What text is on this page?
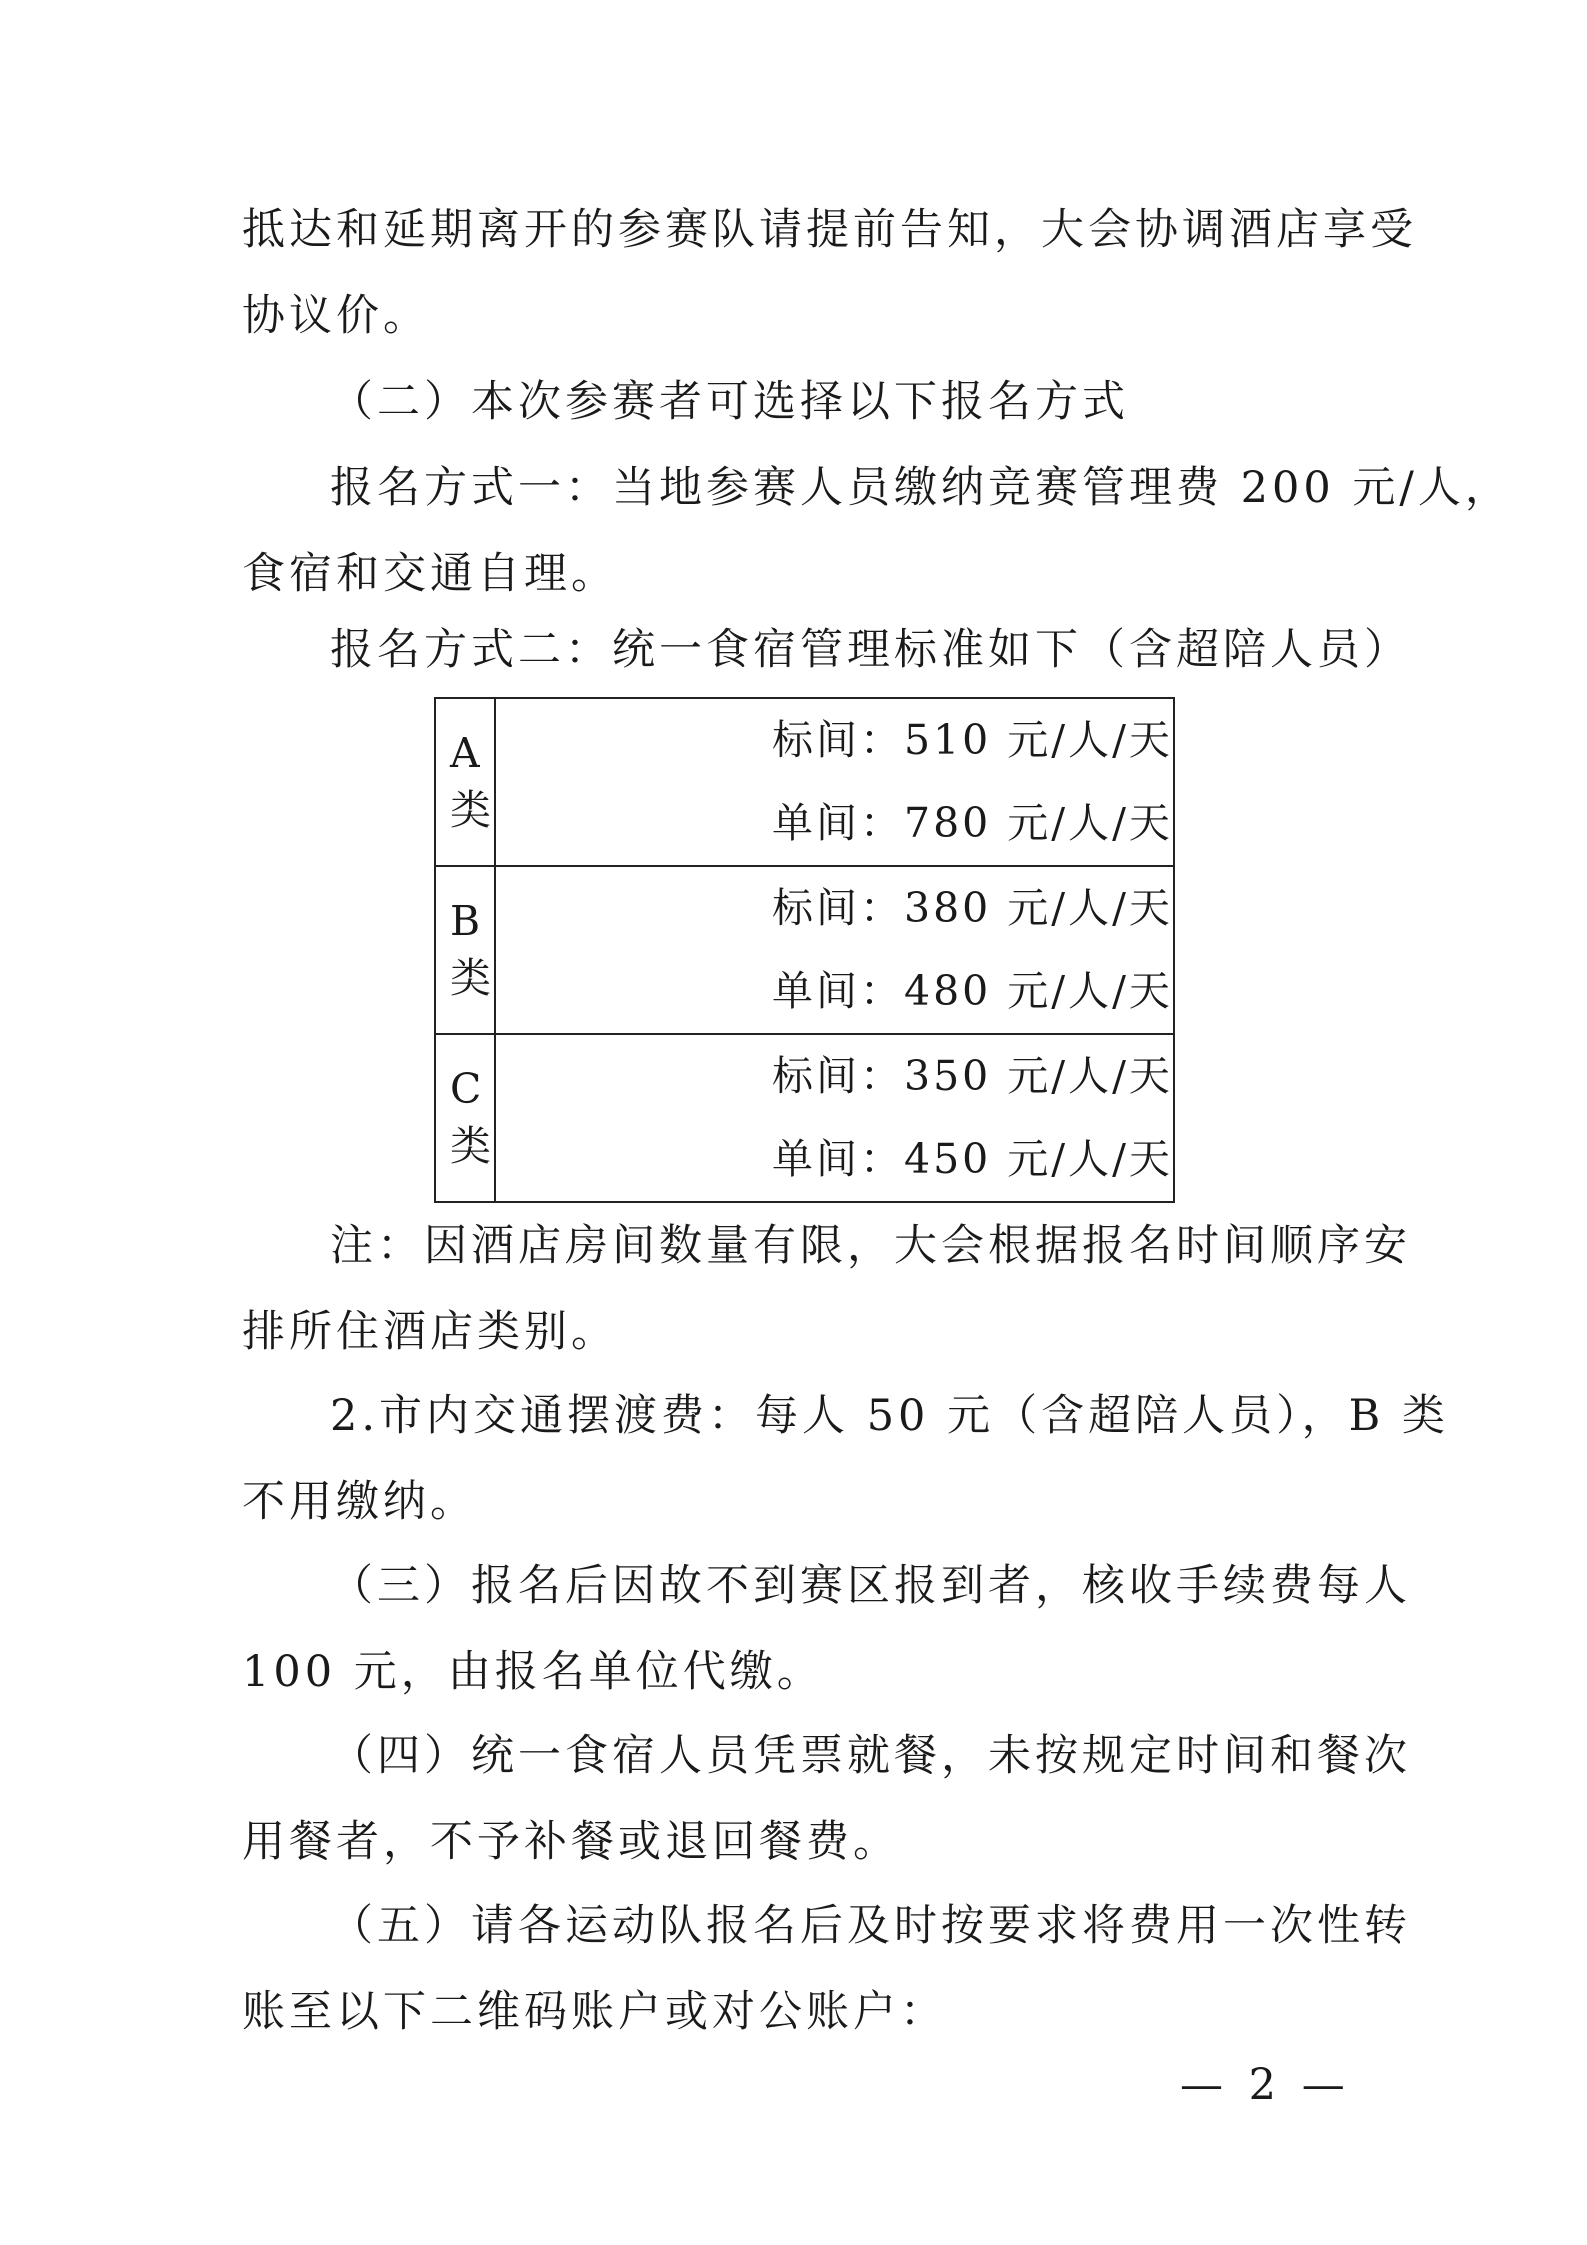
抵达和延期离开的参赛队请提前告知，大会协调酒店享受
协议价。
（二）本次参赛者可选择以下报名方式
报名方式一：当地参赛人员缴纳竞赛管理费 200 元/人，
食宿和交通自理。
报名方式二：统一食宿管理标准如下（含超陪人员）
A 类	标间：510 元/人/天
单间：780 元/人/天

B 类	标间：380 元/人/天
单间：480 元/人/天

C 类	标间：350 元/人/天
单间：450 元/人/天
注：因酒店房间数量有限，大会根据报名时间顺序安
排所住酒店类别。
2.市内交通摆渡费：每人 50 元（含超陪人员），B 类
不用缴纳。
（三）报名后因故不到赛区报到者，核收手续费每人
100 元，由报名单位代缴。
（四）统一食宿人员凭票就餐，未按规定时间和餐次
用餐者，不予补餐或退回餐费。
（五）请各运动队报名后及时按要求将费用一次性转
账至以下二维码账户或对公账户：
— 2 —
